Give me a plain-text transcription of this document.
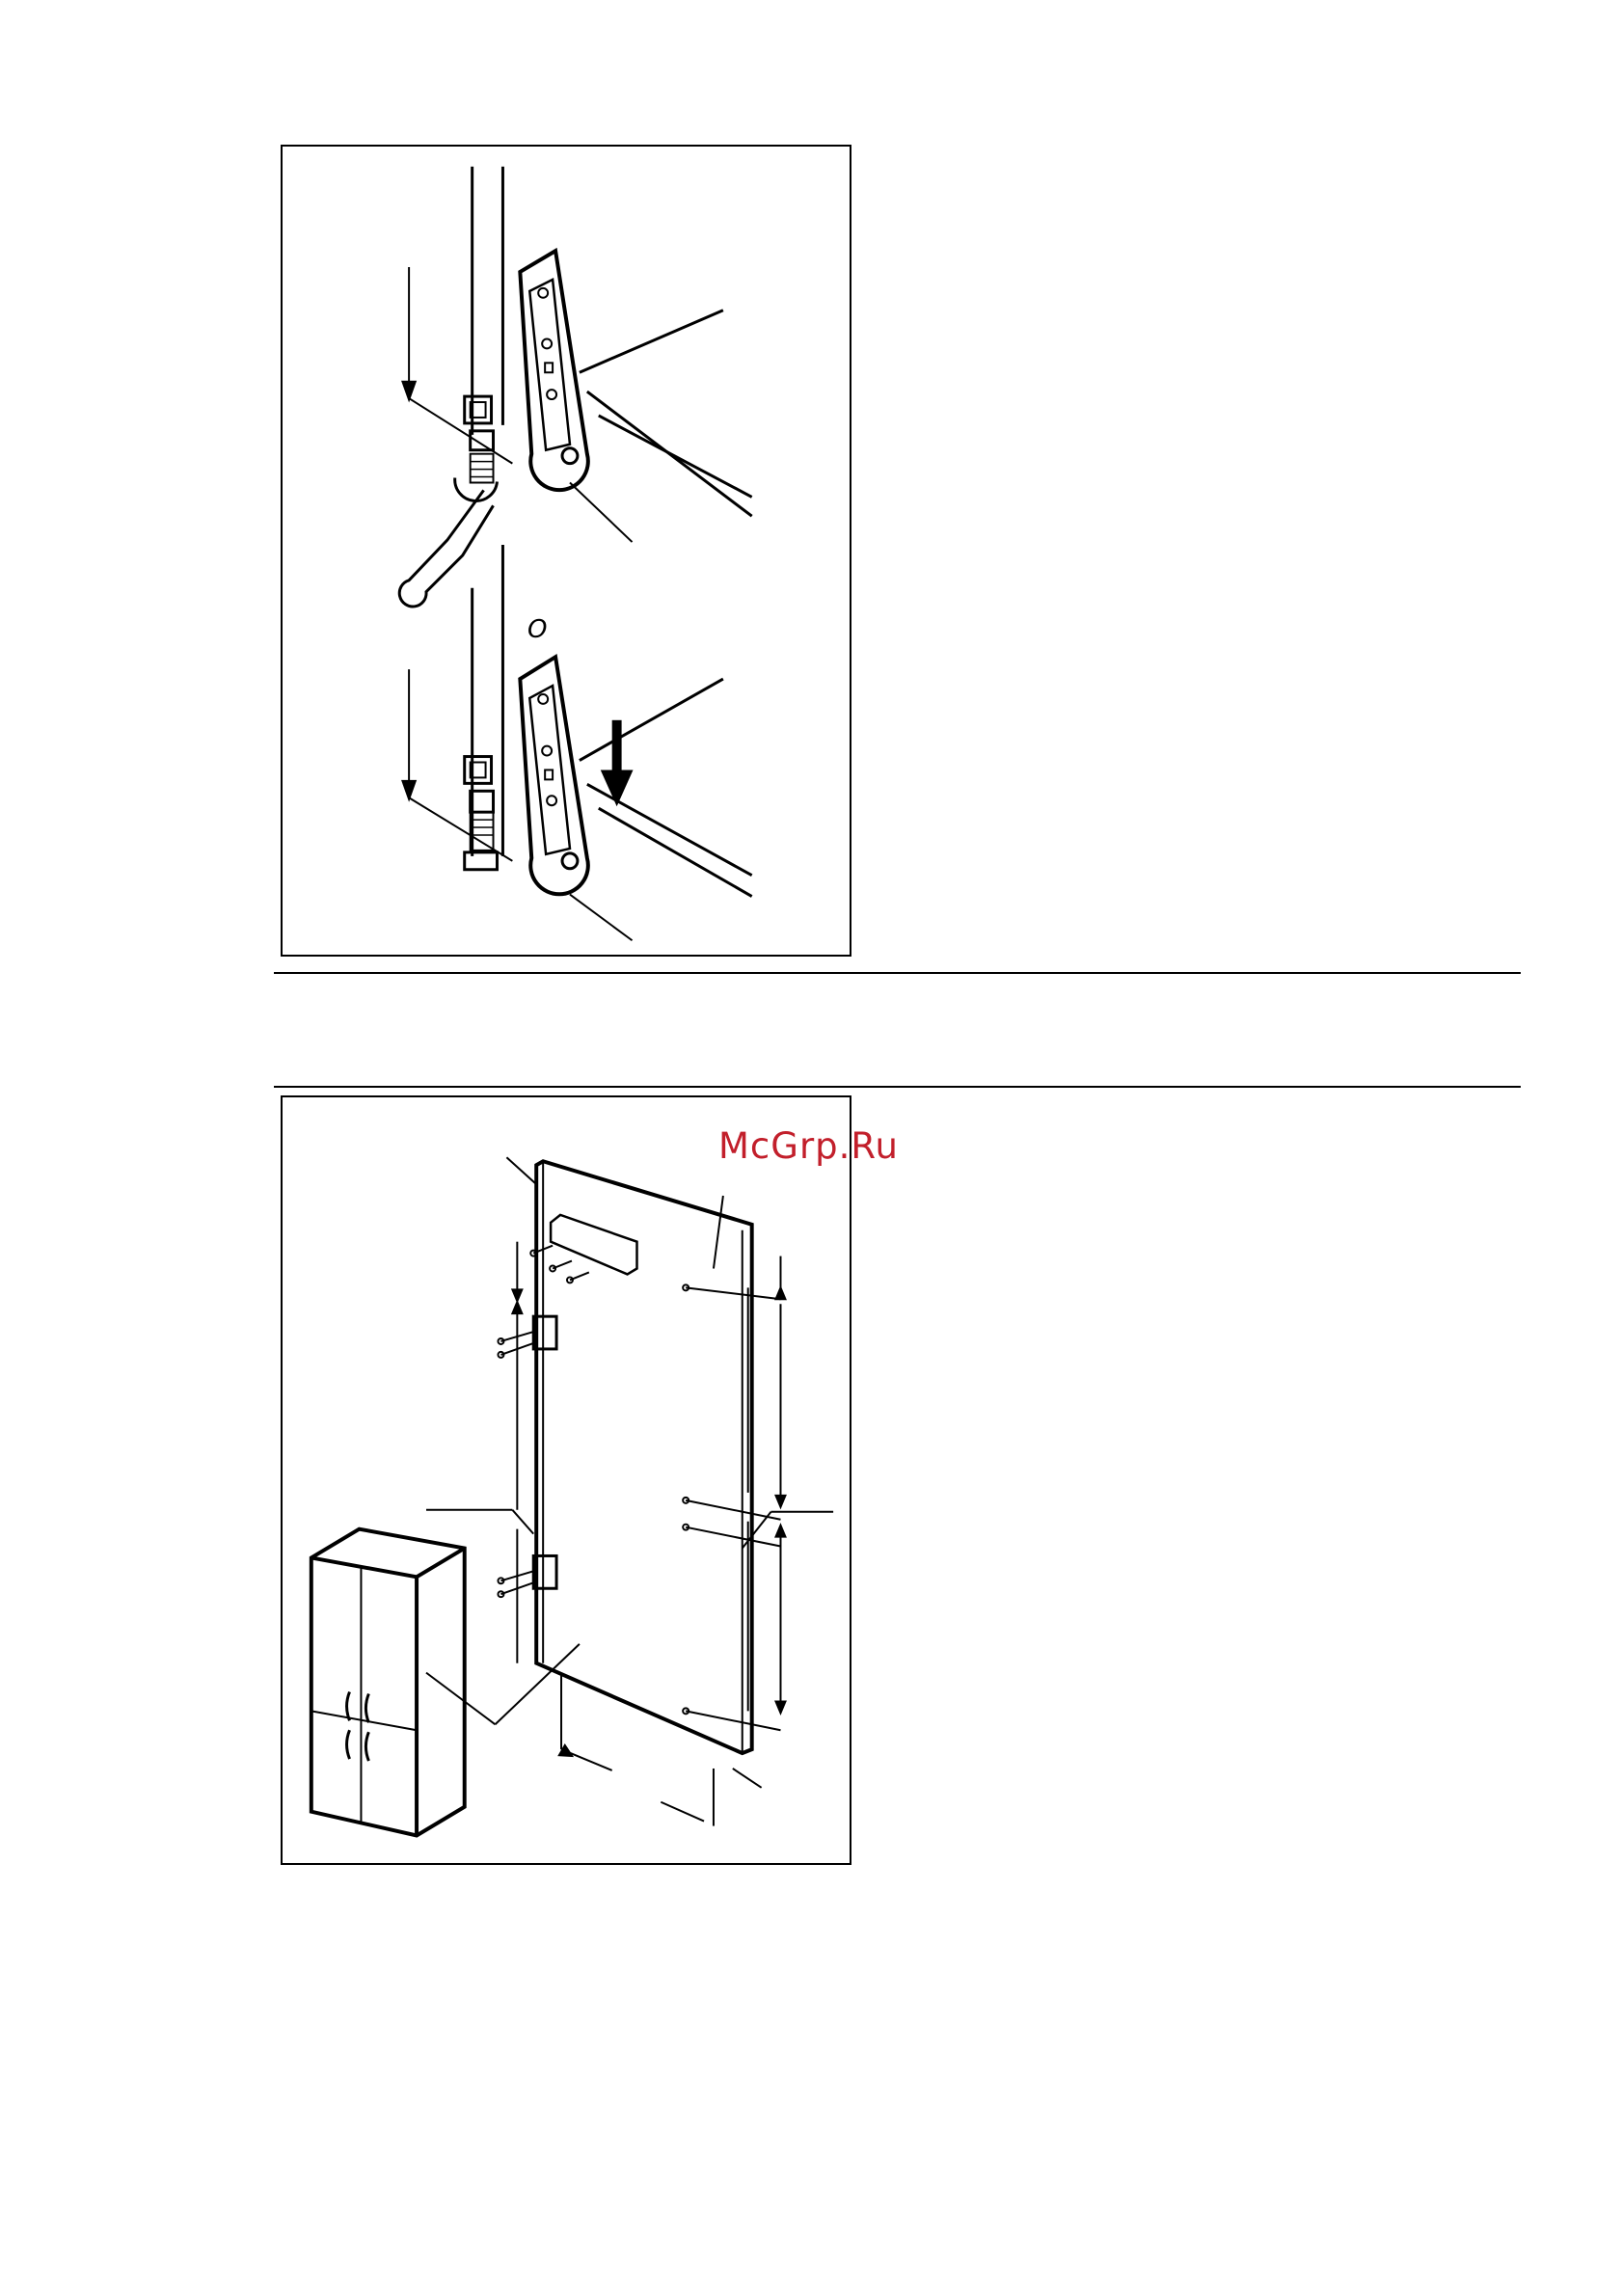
O
McGrp.Ru
